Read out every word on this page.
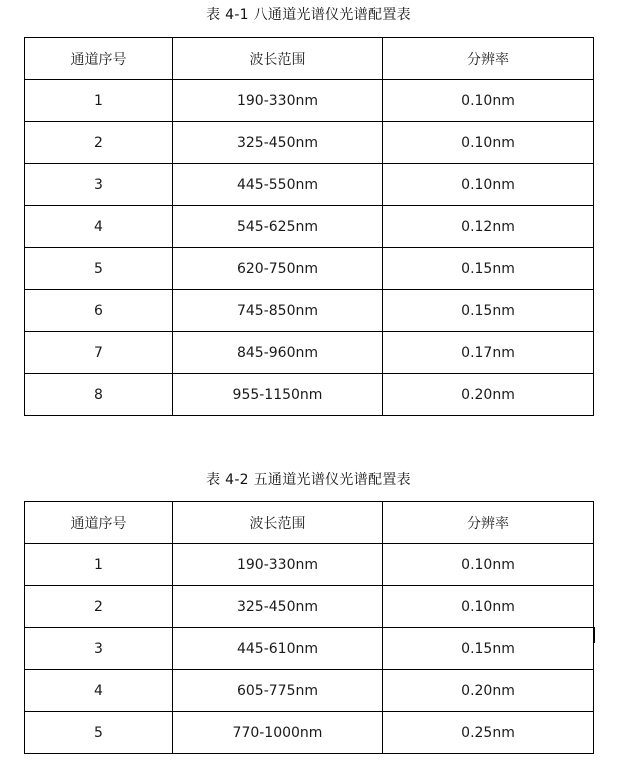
表 4-1 八通道光谱仪光谱配置表
通道序号	波长范围	分辨率
1	190-330nm	0.10nm
2	325-450nm	0.10nm
3	445-550nm	0.10nm
4	545-625nm	0.12nm
5	620-750nm	0.15nm
6	745-850nm	0.15nm
7	845-960nm	0.17nm
8	955-1150nm	0.20nm
表 4-2 五通道光谱仪光谱配置表
通道序号	波长范围	分辨率
1	190-330nm	0.10nm
2	325-450nm	0.10nm
3	445-610nm	0.15nm
4	605-775nm	0.20nm
5	770-1000nm	0.25nm
